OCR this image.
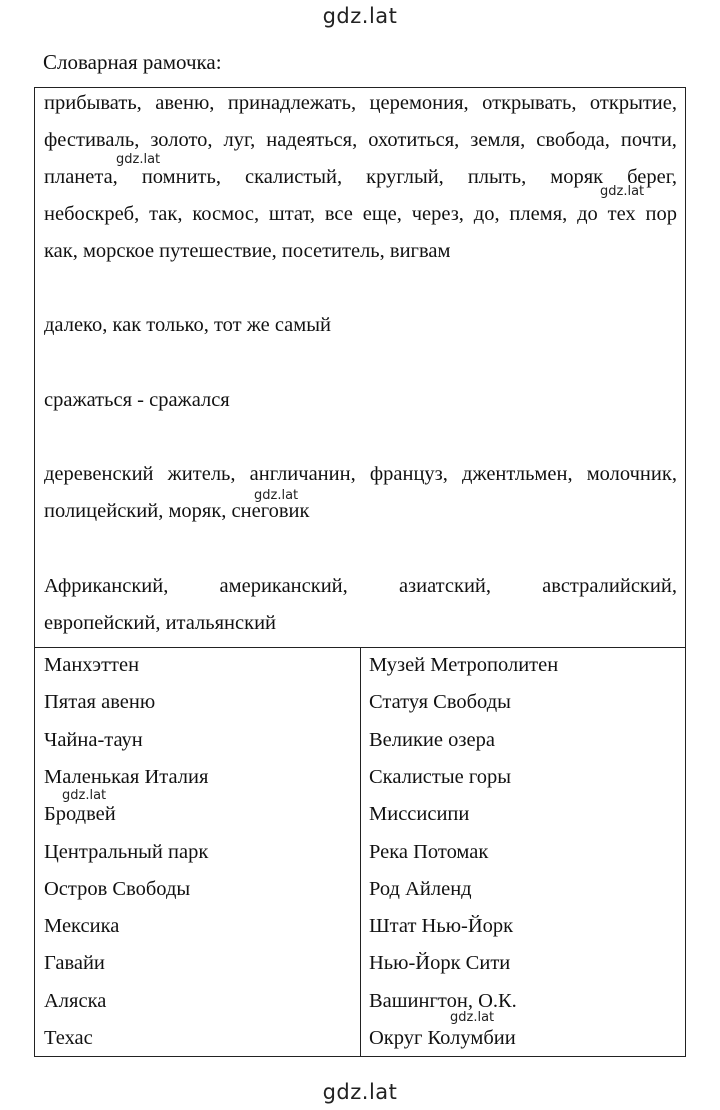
gdz.lat
Словарная рамочка:
прибывать, авеню, принадлежать, церемония, открывать, открытие,
фестиваль, золото, луг, надеяться, охотиться, земля, свобода, почти,
планета, помнить, скалистый, круглый, плыть, моряк берег,
небоскреб, так, космос, штат, все еще, через, до, племя, до тех пор
как, морское путешествие, посетитель, вигвам
далеко, как только, тот же самый
сражаться - сражался
деревенский житель, англичанин, француз, джентльмен, молочник,
полицейский, моряк, снеговик
Африканский, американский, азиатский, австралийский,
европейский, итальянский
Манхэттен
Пятая авеню
Чайна-таун
Маленькая Италия
Бродвей
Центральный парк
Остров Свободы
Мексика
Гавайи
Аляска
Техас
Музей Метрополитен
Статуя Свободы
Великие озера
Скалистые горы
Миссисипи
Река Потомак
Род Айленд
Штат Нью-Йорк
Нью-Йорк Сити
Вашингтон, О.К.
Округ Колумбии
gdz.lat
gdz.lat
gdz.lat
gdz.lat
gdz.lat
gdz.lat
